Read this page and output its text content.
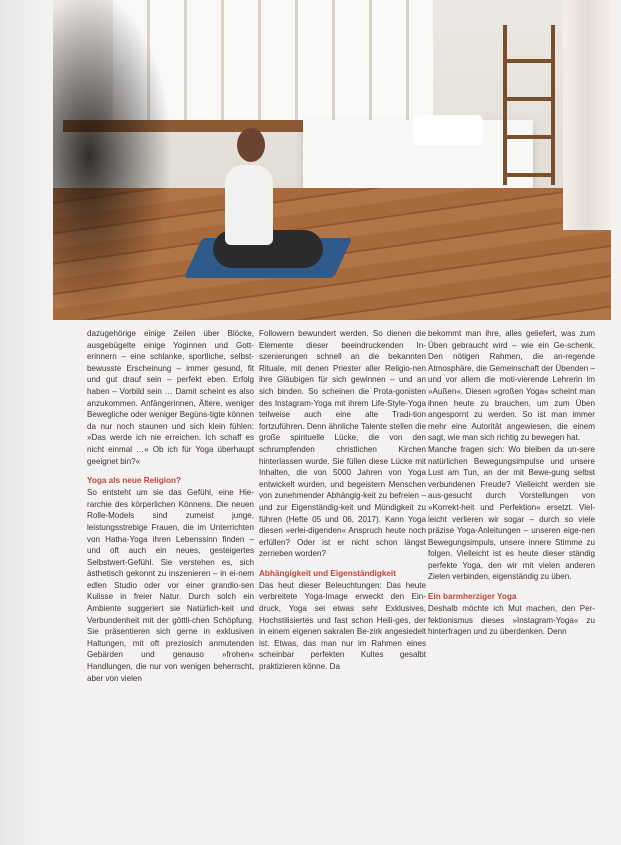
dazugehörige einige Zeilen über Blöcke, ausgebügelte einige Yoginnen und Gott-erinnern – eine schlanke, sportliche, selbst-bewusste Erscheinung – immer gesund, fit und gut drauf sein – perfekt eben. Erfolg haben – Vorbild sein … Damit scheint es also anzukommen. Anfängerinnen, Ältere, weniger Bewegliche oder weniger Begüns-tigte können da nur noch staunen und sich klein fühlen: »Das werde ich nie erreichen. Ich schaff es nicht einmal …« Ob ich für Yoga überhaupt geeignet bin?«

Yoga als neue Religion?

So entsteht um sie das Gefühl, eine Hie-rarchie des körperlichen Könnens. Die neuen Rolle-Models sind zumeist junge, leistungsstrebige Frauen, die im Unterrichten von Hatha-Yoga ihren Lebenssinn finden – und oft auch ein neues, gesteigertes Selbstwert-Gefühl. Sie verstehen es, sich ästhetisch gekonnt zu inszenieren – in ei-nem edlen Studio oder vor einer grandio-sen Kulisse in freier Natur. Durch solch ein Ambiente suggeriert sie Natürlich-keit und Verbundenheit mit der göttli-chen Schöpfung. Sie präsentieren sich gerne in exklusiven Haltungen, mit oft preziosich anmutenden Gebärden und genauso »frohen« Handlungen, die nur von wenigen beherrscht, aber von vielen

Followern bewundert werden. So dienen die Elemente dieser beeindruckenden In-szenierungen schnell an die bekannten Rituale, mit denen Priester aller Religio-nen ihre Gläubigen für sich gewinnen – und an sich binden. So scheinen die Prota-gonisten des Instagram-Yoga mit ihrem Life-Style-Yoga teilweise auch eine alte Tradi-tion fortzuführen. Denn ähnliche Talente stellen die große spirituelle Lücke, die von den schrumpfenden christlichen Kirchen hinterlassen wurde. Sie füllen diese Lücke mit Inhalten, die von 5000 Jahren von Yoga entwickelt wurden, und begeistern Menschen von zunehmender Abhängig-keit zu befreien – und zur Eigenständig-keit und Mündigkeit zu führen (Hefte 05 und 06, 2017). Kann Yoga diesen »erlei-digenden« Anspruch heute noch erfüllen? Oder ist er nicht schon längst zerrieben worden?

Abhängigkeit und Eigenständigkeit

Das heut dieser Beleuchtungen: Das heute verbreitete Yoga-Image erweckt den Ein-druck, Yoga sei etwas sehr Exklusives, Hochstilisiertes und fast schon Heili-ges, der in einem eigenen sakralen Be-zirk angesiedelt ist. Etwas, das man nur im Rahmen eines scheinbar perfekten Kultes gesalbt praktizieren könne. Da

bekommt man ihre, alles geliefert, was zum Üben gebraucht wird – wie ein Ge-schenk. Den nötigen Rahmen, die an-regende Atmosphäre, die Gemeinschaft der Übenden – und vor allem die moti-vierende Lehrerin im »Außen«. Diesen »großen Yoga« scheint man ihnen heute zu brauchen, um zum Üben angespornt zu werden. So ist man immer mehr eine Autorität angewiesen, die einem sagt, wie man sich richtig zu bewegen hat.

Manche fragen sich: Wo bleiben da un-sere natürlichen Bewegungsimpulse und unsere Lust am Tun, an der mit Bewe-gung selbst verbundenen Freude? Vielleicht werden sie aus-gesucht durch Vorstellungen von »Korrekt-heit und Perfektion« ersetzt. Viel-leicht verlieren wir sogar – durch so viele präzise Yoga-Anleitungen – unseren eige-nen Bewegungsimpuls, unsere innere Stimme zu folgen. Vielleicht ist es heute dieser ständig perfekte Yoga, den wir mit vielen anderen Zielen verbinden, eigenständig zu üben.

Ein barmherziger Yoga

Deshalb möchte ich Mut machen, den Per-fektionismus dieses »Instagram-Yoga« zu hinterfragen und zu überdenken. Denn
